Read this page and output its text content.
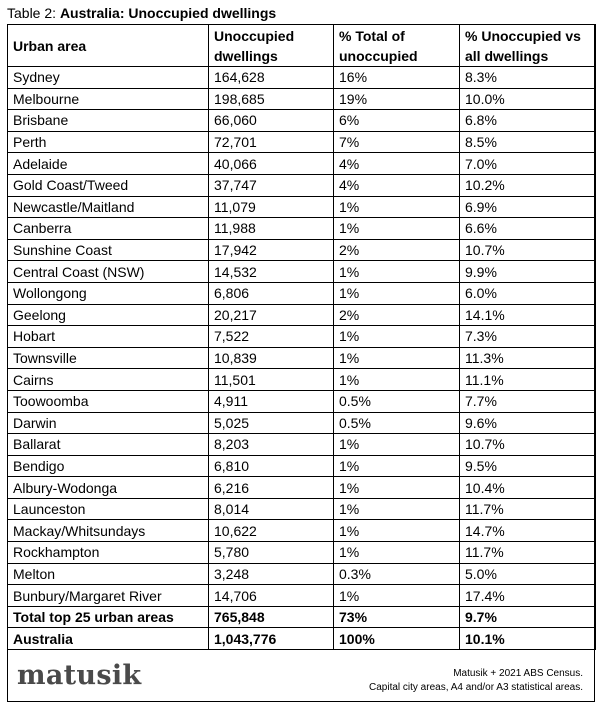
Table 2: Australia: Unoccupied dwellings
Urban area	Unoccupied dwellings	% Total of unoccupied	% Unoccupied vs all dwellings
Sydney	164,628	16%	8.3%
Melbourne	198,685	19%	10.0%
Brisbane	66,060	6%	6.8%
Perth	72,701	7%	8.5%
Adelaide	40,066	4%	7.0%
Gold Coast/Tweed	37,747	4%	10.2%
Newcastle/Maitland	11,079	1%	6.9%
Canberra	11,988	1%	6.6%
Sunshine Coast	17,942	2%	10.7%
Central Coast (NSW)	14,532	1%	9.9%
Wollongong	6,806	1%	6.0%
Geelong	20,217	2%	14.1%
Hobart	7,522	1%	7.3%
Townsville	10,839	1%	11.3%
Cairns	11,501	1%	11.1%
Toowoomba	4,911	0.5%	7.7%
Darwin	5,025	0.5%	9.6%
Ballarat	8,203	1%	10.7%
Bendigo	6,810	1%	9.5%
Albury-Wodonga	6,216	1%	10.4%
Launceston	8,014	1%	11.7%
Mackay/Whitsundays	10,622	1%	14.7%
Rockhampton	5,780	1%	11.7%
Melton	3,248	0.3%	5.0%
Bunbury/Margaret River	14,706	1%	17.4%
Total top 25 urban areas	765,848	73%	9.7%
Australia	1,043,776	100%	10.1%
matusik	Matusik + 2021 ABS Census.
Capital city areas, A4 and/or A3 statistical areas.
